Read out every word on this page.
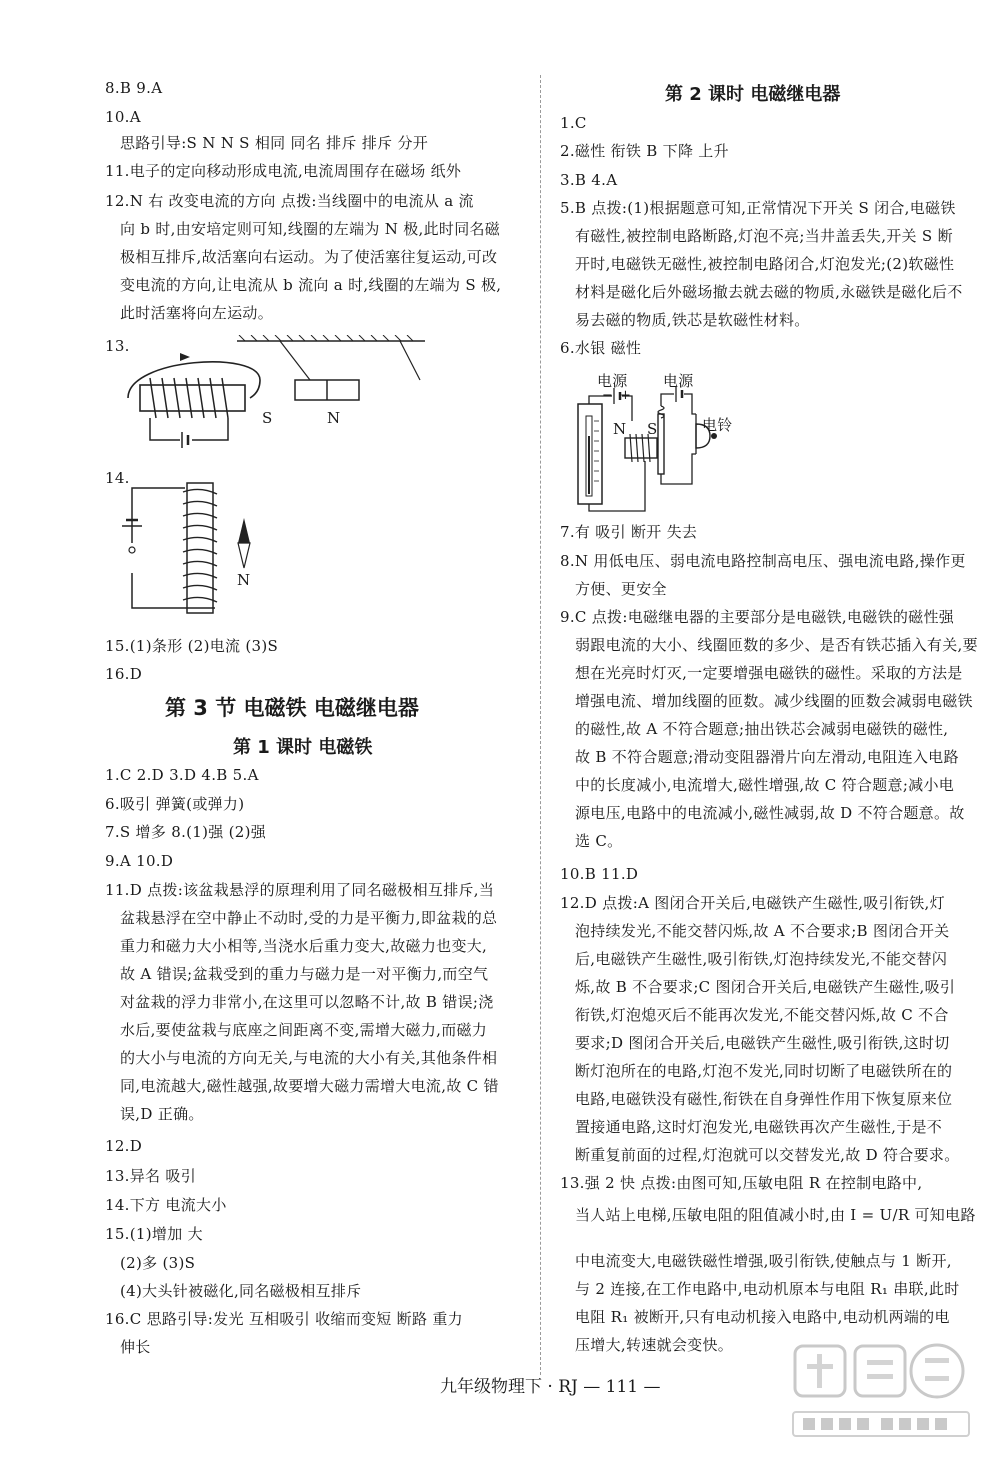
8.B 9.A
10.A
思路引导:S N N S 相同 同名 排斥 排斥 分开
11.电子的定向移动形成电流,电流周围存在磁场 纸外
12.N 右 改变电流的方向 点拨:当线圈中的电流从 a 流
向 b 时,由安培定则可知,线圈的左端为 N 极,此时同名磁
极相互排斥,故活塞向右运动。为了使活塞往复运动,可改
变电流的方向,让电流从 b 流向 a 时,线圈的左端为 S 极,
此时活塞将向左运动。
13.
S	N
14.
N
15.(1)条形 (2)电流 (3)S
16.D
第 3 节 电磁铁 电磁继电器
第 1 课时 电磁铁
1.C 2.D 3.D 4.B 5.A
6.吸引 弹簧(或弹力)
7.S 增多 8.(1)强 (2)强
9.A 10.D
11.D 点拨:该盆栽悬浮的原理利用了同名磁极相互排斥,当
盆栽悬浮在空中静止不动时,受的力是平衡力,即盆栽的总
重力和磁力大小相等,当浇水后重力变大,故磁力也变大,
故 A 错误;盆栽受到的重力与磁力是一对平衡力,而空气
对盆栽的浮力非常小,在这里可以忽略不计,故 B 错误;浇
水后,要使盆栽与底座之间距离不变,需增大磁力,而磁力
的大小与电流的方向无关,与电流的大小有关,其他条件相
同,电流越大,磁性越强,故要增大磁力需增大电流,故 C 错
误,D 正确。
12.D
13.异名 吸引
14.下方 电流大小
15.(1)增加 大
(2)多 (3)S
(4)大头针被磁化,同名磁极相互排斥
16.C 思路引导:发光 互相吸引 收缩而变短 断路 重力
伸长
第 2 课时 电磁继电器
1.C
2.磁性 衔铁 B 下降 上升
3.B 4.A
5.B 点拨:(1)根据题意可知,正常情况下开关 S 闭合,电磁铁
有磁性,被控制电路断路,灯泡不亮;当井盖丢失,开关 S 断
开时,电磁铁无磁性,被控制电路闭合,灯泡发光;(2)软磁性
材料是磁化后外磁场撤去就去磁的物质,永磁铁是磁化后不
易去磁的物质,铁芯是软磁性材料。
6.水银 磁性
电源 电源
N S	电铃
+
−
7.有 吸引 断开 失去
8.N 用低电压、弱电流电路控制高电压、强电流电路,操作更
方便、更安全
9.C 点拨:电磁继电器的主要部分是电磁铁,电磁铁的磁性强
弱跟电流的大小、线圈匝数的多少、是否有铁芯插入有关,要
想在光亮时灯灭,一定要增强电磁铁的磁性。采取的方法是
增强电流、增加线圈的匝数。减少线圈的匝数会减弱电磁铁
的磁性,故 A 不符合题意;抽出铁芯会减弱电磁铁的磁性,
故 B 不符合题意;滑动变阻器滑片向左滑动,电阻连入电路
中的长度减小,电流增大,磁性增强,故 C 符合题意;减小电
源电压,电路中的电流减小,磁性减弱,故 D 不符合题意。故
选 C。
10.B 11.D
12.D 点拨:A 图闭合开关后,电磁铁产生磁性,吸引衔铁,灯
泡持续发光,不能交替闪烁,故 A 不合要求;B 图闭合开关
后,电磁铁产生磁性,吸引衔铁,灯泡持续发光,不能交替闪
烁,故 B 不合要求;C 图闭合开关后,电磁铁产生磁性,吸引
衔铁,灯泡熄灭后不能再次发光,不能交替闪烁,故 C 不合
要求;D 图闭合开关后,电磁铁产生磁性,吸引衔铁,这时切
断灯泡所在的电路,灯泡不发光,同时切断了电磁铁所在的
电路,电磁铁没有磁性,衔铁在自身弹性作用下恢复原来位
置接通电路,这时灯泡发光,电磁铁再次产生磁性,于是不
断重复前面的过程,灯泡就可以交替发光,故 D 符合要求。
13.强 2 快 点拨:由图可知,压敏电阻 R 在控制电路中,
当人站上电梯,压敏电阻的阻值减小时,由 I = U/R 可知电路
中电流变大,电磁铁磁性增强,吸引衔铁,使触点与 1 断开,
与 2 连接,在工作电路中,电动机原本与电阻 R₁ 串联,此时
电阻 R₁ 被断开,只有电动机接入电路中,电动机两端的电
压增大,转速就会变快。
九年级物理下 · RJ — 111 —
